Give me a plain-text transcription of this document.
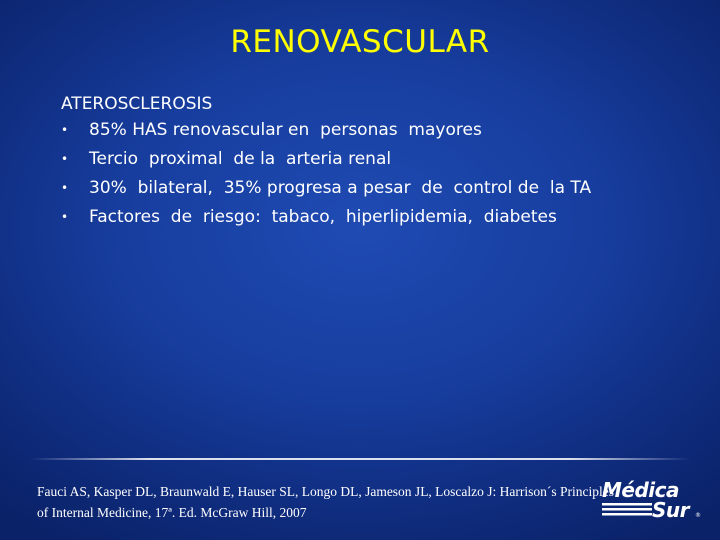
RENOVASCULAR
ATEROSCLEROSIS
• 85% HAS renovascular en  personas  mayores
• Tercio  proximal  de la  arteria renal
• 30%  bilateral,  35% progresa a pesar  de  control de  la TA
• Factores  de  riesgo:  tabaco,  hiperlipidemia,  diabetes
Fauci AS, Kasper DL, Braunwald E, Hauser SL, Longo DL, Jameson JL, Loscalzo J: Harrison´s Principles
of Internal Medicine, 17ª. Ed. McGraw Hill, 2007
Médica
Sur ®
